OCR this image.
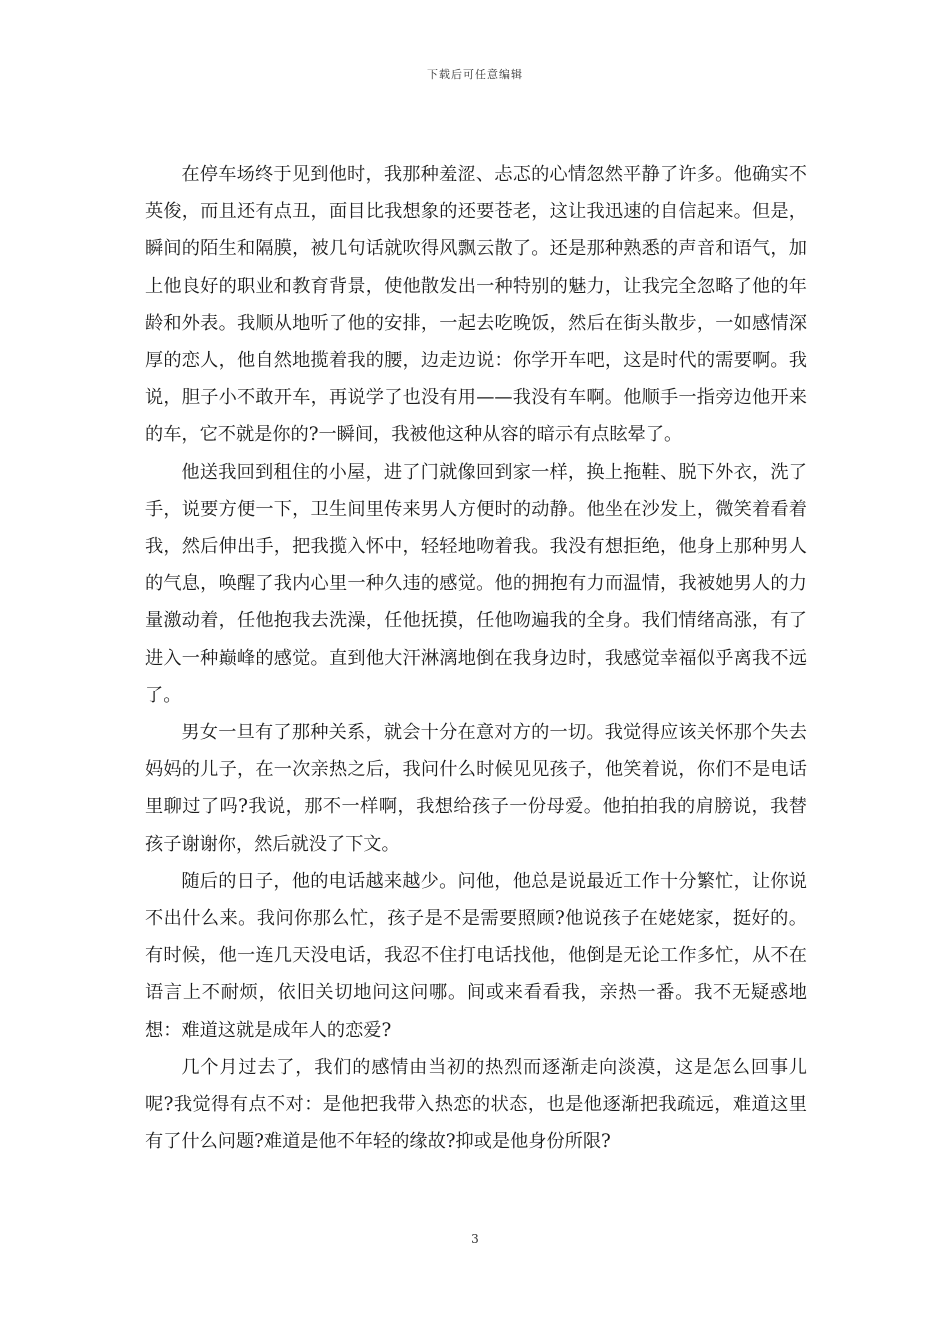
下载后可任意编辑

在停车场终于见到他时，我那种羞涩、忐忑的心情忽然平静了许多。他确实不英俊，而且还有点丑，面目比我想象的还要苍老，这让我迅速的自信起来。但是，瞬间的陌生和隔膜，被几句话就吹得风飘云散了。还是那种熟悉的声音和语气，加上他良好的职业和教育背景，使他散发出一种特别的魅力，让我完全忽略了他的年龄和外表。我顺从地听了他的安排，一起去吃晚饭，然后在街头散步，一如感情深厚的恋人，他自然地揽着我的腰，边走边说：你学开车吧，这是时代的需要啊。我说，胆子小不敢开车，再说学了也没有用——我没有车啊。他顺手一指旁边他开来的车，它不就是你的?一瞬间，我被他这种从容的暗示有点眩晕了。

他送我回到租住的小屋，进了门就像回到家一样，换上拖鞋、脱下外衣，洗了手，说要方便一下，卫生间里传来男人方便时的动静。他坐在沙发上，微笑着看着我，然后伸出手，把我揽入怀中，轻轻地吻着我。我没有想拒绝，他身上那种男人的气息，唤醒了我内心里一种久违的感觉。他的拥抱有力而温情，我被她男人的力量激动着，任他抱我去洗澡，任他抚摸，任他吻遍我的全身。我们情绪高涨，有了进入一种巅峰的感觉。直到他大汗淋漓地倒在我身边时，我感觉幸福似乎离我不远了。

男女一旦有了那种关系，就会十分在意对方的一切。我觉得应该关怀那个失去妈妈的儿子，在一次亲热之后，我问什么时候见见孩子，他笑着说，你们不是电话里聊过了吗?我说，那不一样啊，我想给孩子一份母爱。他拍拍我的肩膀说，我替孩子谢谢你，然后就没了下文。

随后的日子，他的电话越来越少。问他，他总是说最近工作十分繁忙，让你说不出什么来。我问你那么忙，孩子是不是需要照顾?他说孩子在姥姥家，挺好的。有时候，他一连几天没电话，我忍不住打电话找他，他倒是无论工作多忙，从不在语言上不耐烦，依旧关切地问这问哪。间或来看看我，亲热一番。我不无疑惑地想：难道这就是成年人的恋爱?

几个月过去了，我们的感情由当初的热烈而逐渐走向淡漠，这是怎么回事儿呢?我觉得有点不对：是他把我带入热恋的状态，也是他逐渐把我疏远，难道这里有了什么问题?难道是他不年轻的缘故?抑或是他身份所限?

3
